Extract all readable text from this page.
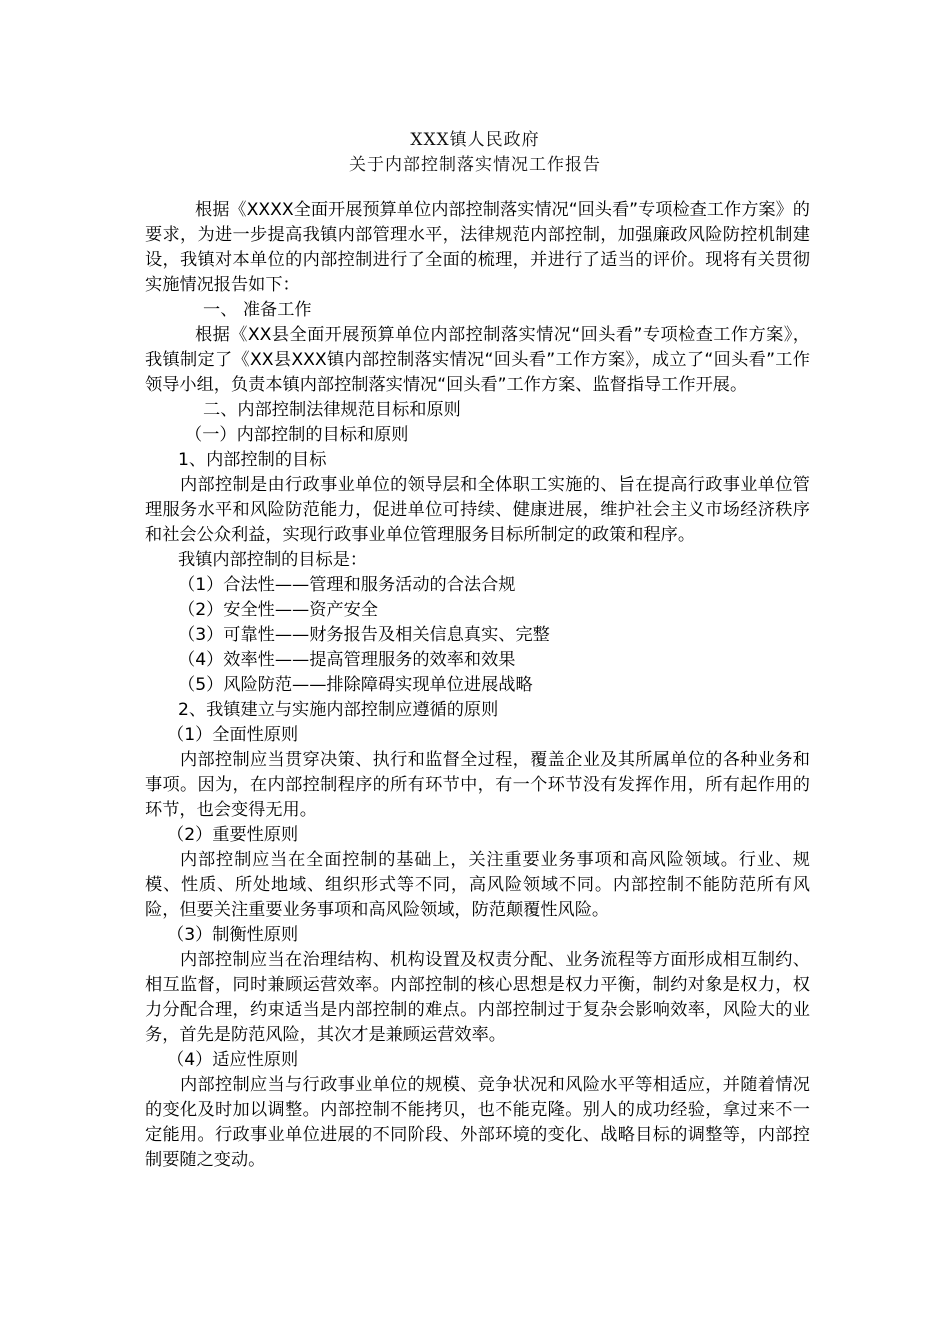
XXX镇人民政府
关于内部控制落实情况工作报告

根据《XXXX全面开展预算单位内部控制落实情况“回头看”专项检查工作方案》的要求，为进一步提高我镇内部管理水平，法律规范内部控制，加强廉政风险防控机制建设，我镇对本单位的内部控制进行了全面的梳理，并进行了适当的评价。现将有关贯彻实施情况报告如下：

一、 准备工作

根据《XX县全面开展预算单位内部控制落实情况“回头看”专项检查工作方案》，我镇制定了《XX县XXX镇内部控制落实情况“回头看”工作方案》，成立了“回头看”工作领导小组，负责本镇内部控制落实情况“回头看”工作方案、监督指导工作开展。

二、内部控制法律规范目标和原则

（一）内部控制的目标和原则

1、内部控制的目标

内部控制是由行政事业单位的领导层和全体职工实施的、旨在提高行政事业单位管理服务水平和风险防范能力，促进单位可持续、健康进展，维护社会主义市场经济秩序和社会公众利益，实现行政事业单位管理服务目标所制定的政策和程序。

我镇内部控制的目标是：

（1）合法性——管理和服务活动的合法合规

（2）安全性——资产安全

（3）可靠性——财务报告及相关信息真实、完整

（4）效率性——提高管理服务的效率和效果

（5）风险防范——排除障碍实现单位进展战略

2、我镇建立与实施内部控制应遵循的原则

（1）全面性原则

内部控制应当贯穿决策、执行和监督全过程，覆盖企业及其所属单位的各种业务和事项。因为，在内部控制程序的所有环节中，有一个环节没有发挥作用，所有起作用的环节，也会变得无用。

（2）重要性原则

内部控制应当在全面控制的基础上，关注重要业务事项和高风险领域。行业、规模、性质、所处地域、组织形式等不同，高风险领域不同。内部控制不能防范所有风险，但要关注重要业务事项和高风险领域，防范颠覆性风险。

（3）制衡性原则

内部控制应当在治理结构、机构设置及权责分配、业务流程等方面形成相互制约、相互监督，同时兼顾运营效率。内部控制的核心思想是权力平衡，制约对象是权力，权力分配合理，约束适当是内部控制的难点。内部控制过于复杂会影响效率，风险大的业务，首先是防范风险，其次才是兼顾运营效率。

（4）适应性原则

内部控制应当与行政事业单位的规模、竞争状况和风险水平等相适应，并随着情况的变化及时加以调整。内部控制不能拷贝，也不能克隆。别人的成功经验，拿过来不一定能用。行政事业单位进展的不同阶段、外部环境的变化、战略目标的调整等，内部控制要随之变动。
